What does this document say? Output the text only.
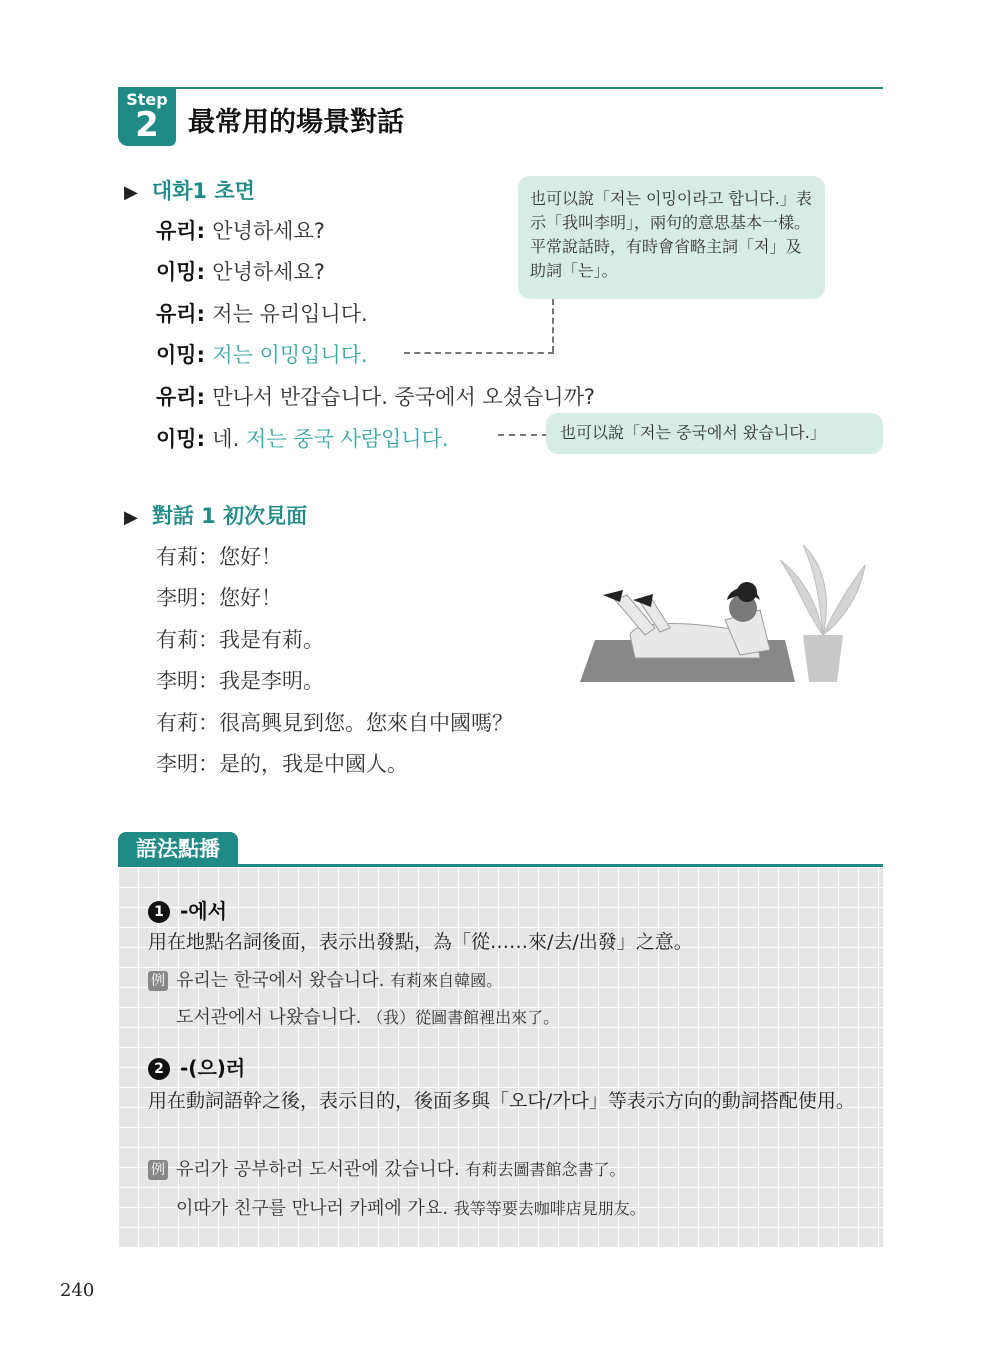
Step
2	最常用的場景對話
▶ 대화1 초면
유리: 안녕하세요?
이밍: 안녕하세요?
유리: 저는 유리입니다.
이밍: 저는 이밍입니다.
유리: 만나서 반갑습니다. 중국에서 오셨습니까?
이밍: 네. 저는 중국 사람입니다.
也可以說「저는 이밍이라고 합니다.」表示「我叫李明」，兩句的意思基本一樣。平常說話時，有時會省略主詞「저」及助詞「는」。
也可以說「저는 중국에서 왔습니다.」
▶ 對話 1 初次見面
有莉：您好！
李明：您好！
有莉：我是有莉。
李明：我是李明。
有莉：很高興見到您。您來自中國嗎？
李明：是的，我是中國人。
語法點播
1 -에서
用在地點名詞後面，表示出發點，為「從……來/去/出發」之意。
例 유리는 한국에서 왔습니다. 有莉來自韓國。
도서관에서 나왔습니다. （我）從圖書館裡出來了。
2 -(으)러
用在動詞語幹之後，表示目的，後面多與「오다/가다」等表示方向的動詞搭配使用。
例 유리가 공부하러 도서관에 갔습니다. 有莉去圖書館念書了。
이따가 친구를 만나러 카페에 가요. 我等等要去咖啡店見朋友。
240
